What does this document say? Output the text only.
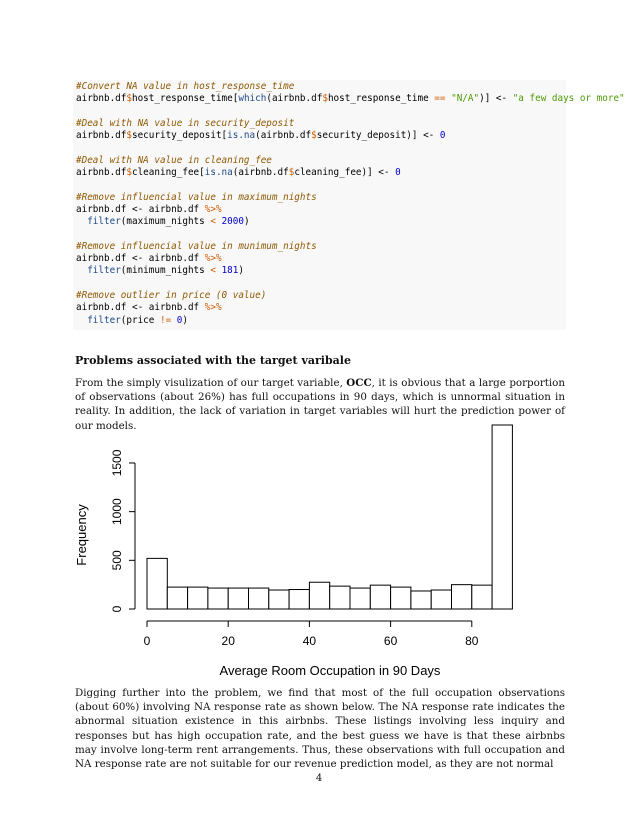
#Convert NA value in host_response_time
airbnb.df$host_response_time[which(airbnb.df$host_response_time == "N/A")] <- "a few days or more"

#Deal with NA value in security_deposit
airbnb.df$security_deposit[is.na(airbnb.df$security_deposit)] <- 0

#Deal with NA value in cleaning_fee
airbnb.df$cleaning_fee[is.na(airbnb.df$cleaning_fee)] <- 0

#Remove influencial value in maximum_nights
airbnb.df <- airbnb.df %>%
filter(maximum_nights < 2000)

#Remove influencial value in munimum_nights
airbnb.df <- airbnb.df %>%
filter(minimum_nights < 181)

#Remove outlier in price (0 value)
airbnb.df <- airbnb.df %>%
filter(price != 0)

Problems associated with the target varibale
From the simply visulization of our target variable, OCC, it is obvious that a large porportion of observations (about 26%) has full occupations in 90 days, which is unnormal situation in reality. In addition, the lack of variation in target variables will hurt the prediction power of our models.
0	20	40	60	80
0
500
1000
1500
Average Room Occupation in 90 Days
Frequency
Digging further into the problem, we find that most of the full occupation observations (about 60%) involving NA response rate as shown below. The NA response rate indicates the abnormal situation existence in this airbnbs. These listings involving less inquiry and responses but has high occupation rate, and the best guess we have is that these airbnbs may involve long-term rent arrangements. Thus, these observations with full occupation and NA response rate are not suitable for our revenue prediction model, as they are not normal
4
